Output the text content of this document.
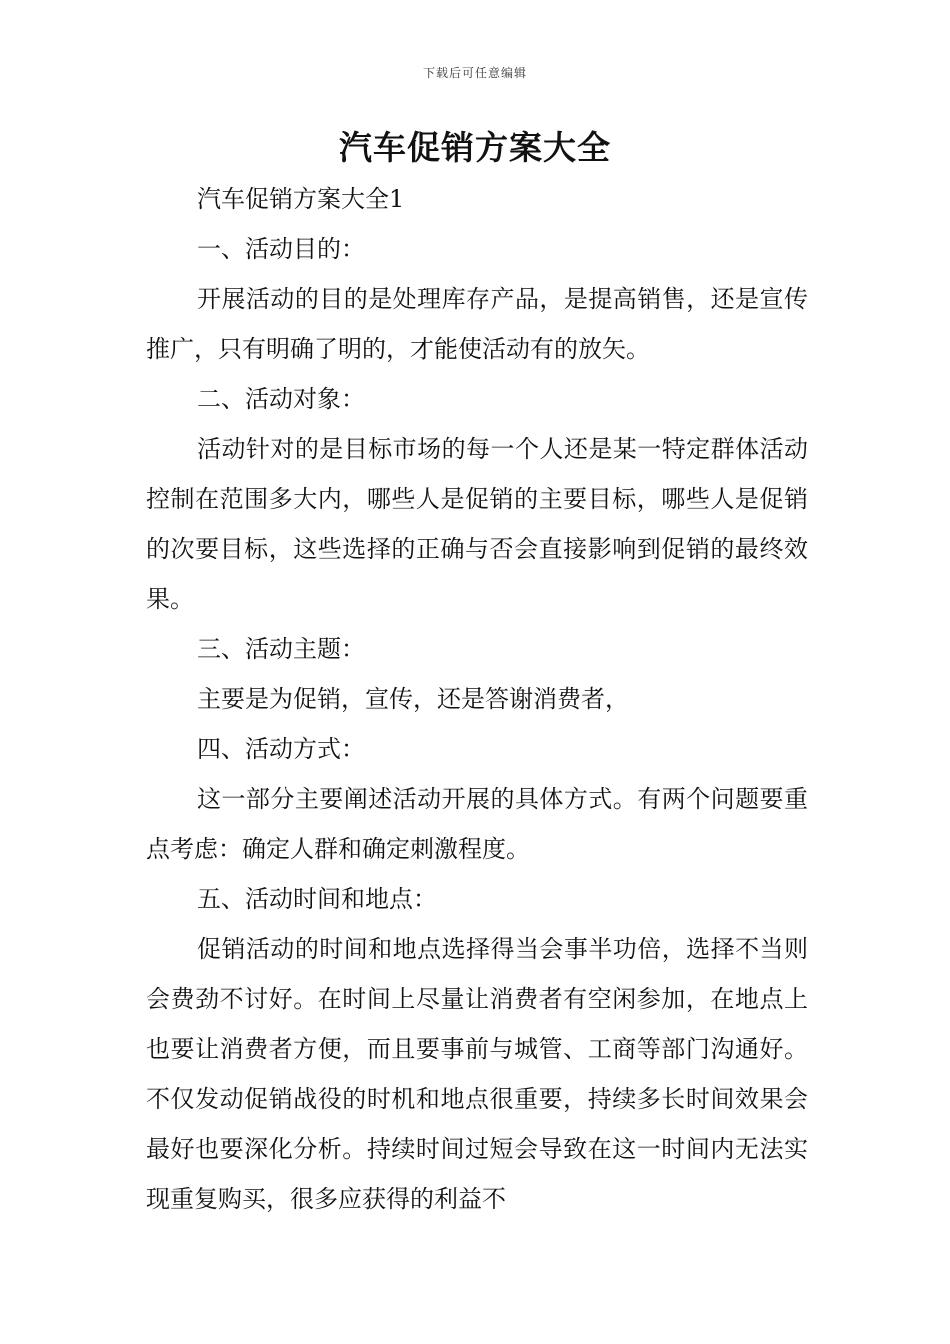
下载后可任意编辑
汽车促销方案大全

汽车促销方案大全1

一、活动目的：

开展活动的目的是处理库存产品，是提高销售，还是宣传推广，只有明确了明的，才能使活动有的放矢。

二、活动对象：

活动针对的是目标市场的每一个人还是某一特定群体活动控制在范围多大内，哪些人是促销的主要目标，哪些人是促销的次要目标，这些选择的正确与否会直接影响到促销的最终效果。

三、活动主题：

主要是为促销，宣传，还是答谢消费者，

四、活动方式：

这一部分主要阐述活动开展的具体方式。有两个问题要重点考虑：确定人群和确定刺激程度。

五、活动时间和地点：

促销活动的时间和地点选择得当会事半功倍，选择不当则会费劲不讨好。在时间上尽量让消费者有空闲参加，在地点上也要让消费者方便，而且要事前与城管、工商等部门沟通好。不仅发动促销战役的时机和地点很重要，持续多长时间效果会最好也要深化分析。持续时间过短会导致在这一时间内无法实现重复购买，很多应获得的利益不
